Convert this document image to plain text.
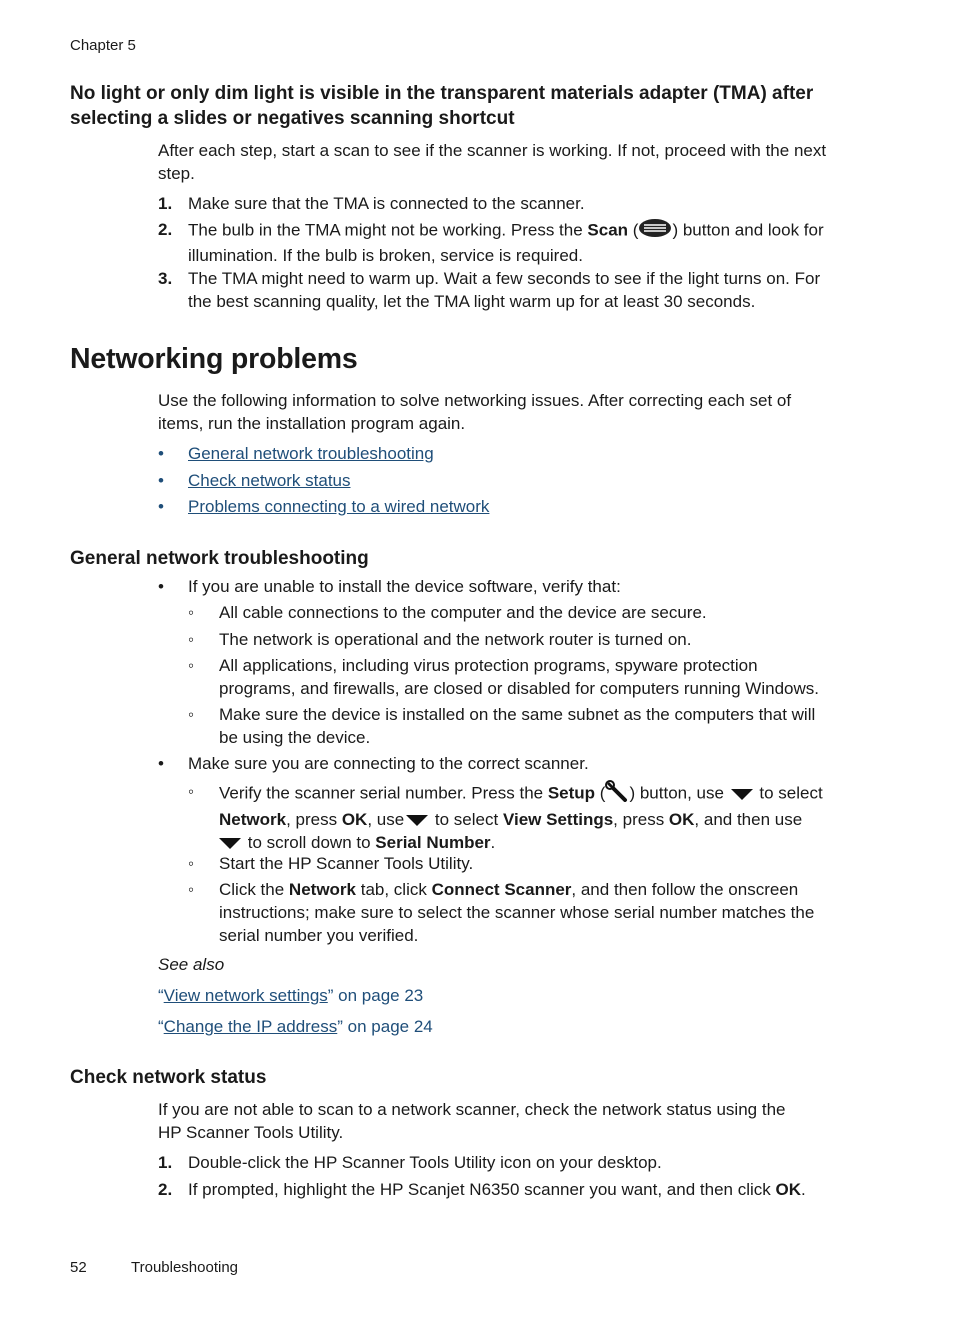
Chapter 5
No light or only dim light is visible in the transparent materials adapter (TMA) after
selecting a slides or negatives scanning shortcut
After each step, start a scan to see if the scanner is working. If not, proceed with the next
step.
1. Make sure that the TMA is connected to the scanner.
2. The bulb in the TMA might not be working. Press the Scan ( ) button and look for
illumination. If the bulb is broken, service is required.
3. The TMA might need to warm up. Wait a few seconds to see if the light turns on. For
the best scanning quality, let the TMA light warm up for at least 30 seconds.
Networking problems
Use the following information to solve networking issues. After correcting each set of
items, run the installation program again.
• General network troubleshooting
• Check network status
• Problems connecting to a wired network
General network troubleshooting
• If you are unable to install the device software, verify that:
◦ All cable connections to the computer and the device are secure.
◦ The network is operational and the network router is turned on.
◦ All applications, including virus protection programs, spyware protection
programs, and firewalls, are closed or disabled for computers running Windows.
◦ Make sure the device is installed on the same subnet as the computers that will
be using the device.
• Make sure you are connecting to the correct scanner.
◦ Verify the scanner serial number. Press the Setup ( ) button, use  to select
Network, press OK, use to select View Settings, press OK, and then use
to scroll down to Serial Number.
◦ Start the HP Scanner Tools Utility.
◦ Click the Network tab, click Connect Scanner, and then follow the onscreen
instructions; make sure to select the scanner whose serial number matches the
serial number you verified.
See also
“View network settings” on page 23
“Change the IP address” on page 24
Check network status
If you are not able to scan to a network scanner, check the network status using the
HP Scanner Tools Utility.
1. Double-click the HP Scanner Tools Utility icon on your desktop.
2. If prompted, highlight the HP Scanjet N6350 scanner you want, and then click OK.
52	Troubleshooting
